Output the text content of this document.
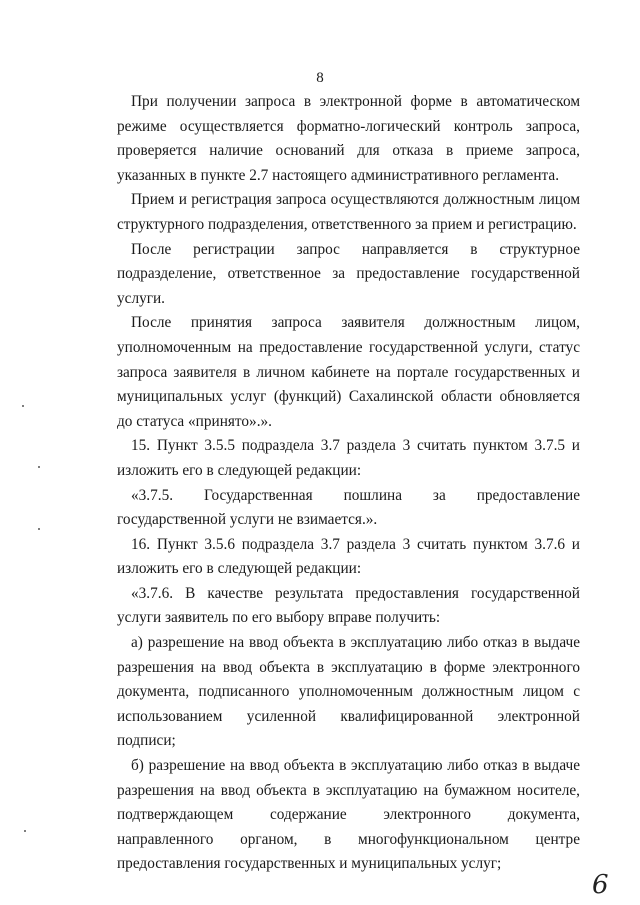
8

При получении запроса в электронной форме в автоматическом режиме осуществляется форматно-логический контроль запроса, проверяется наличие оснований для отказа в приеме запроса, указанных в пункте 2.7 настоящего административного регламента.

Прием и регистрация запроса осуществляются должностным лицом структурного подразделения, ответственного за прием и регистрацию.

После регистрации запрос направляется в структурное подразделение, ответственное за предоставление государственной услуги.

После принятия запроса заявителя должностным лицом, уполномоченным на предоставление государственной услуги, статус запроса заявителя в личном кабинете на портале государственных и муниципальных услуг (функций) Сахалинской области обновляется до статуса «принято».».

15. Пункт 3.5.5 подраздела 3.7 раздела 3 считать пунктом 3.7.5 и изложить его в следующей редакции:

«3.7.5. Государственная пошлина за предоставление государственной услуги не взимается.».

16. Пункт 3.5.6 подраздела 3.7 раздела 3 считать пунктом 3.7.6 и изложить его в следующей редакции:

«3.7.6. В качестве результата предоставления государственной услуги заявитель по его выбору вправе получить:

а) разрешение на ввод объекта в эксплуатацию либо отказ в выдаче разрешения на ввод объекта в эксплуатацию в форме электронного документа, подписанного уполномоченным должностным лицом с использованием усиленной квалифицированной электронной подписи;

б) разрешение на ввод объекта в эксплуатацию либо отказ в выдаче разрешения на ввод объекта в эксплуатацию на бумажном носителе, подтверждающем содержание электронного документа, направленного органом, в многофункциональном центре предоставления государственных и муниципальных услуг;

6
